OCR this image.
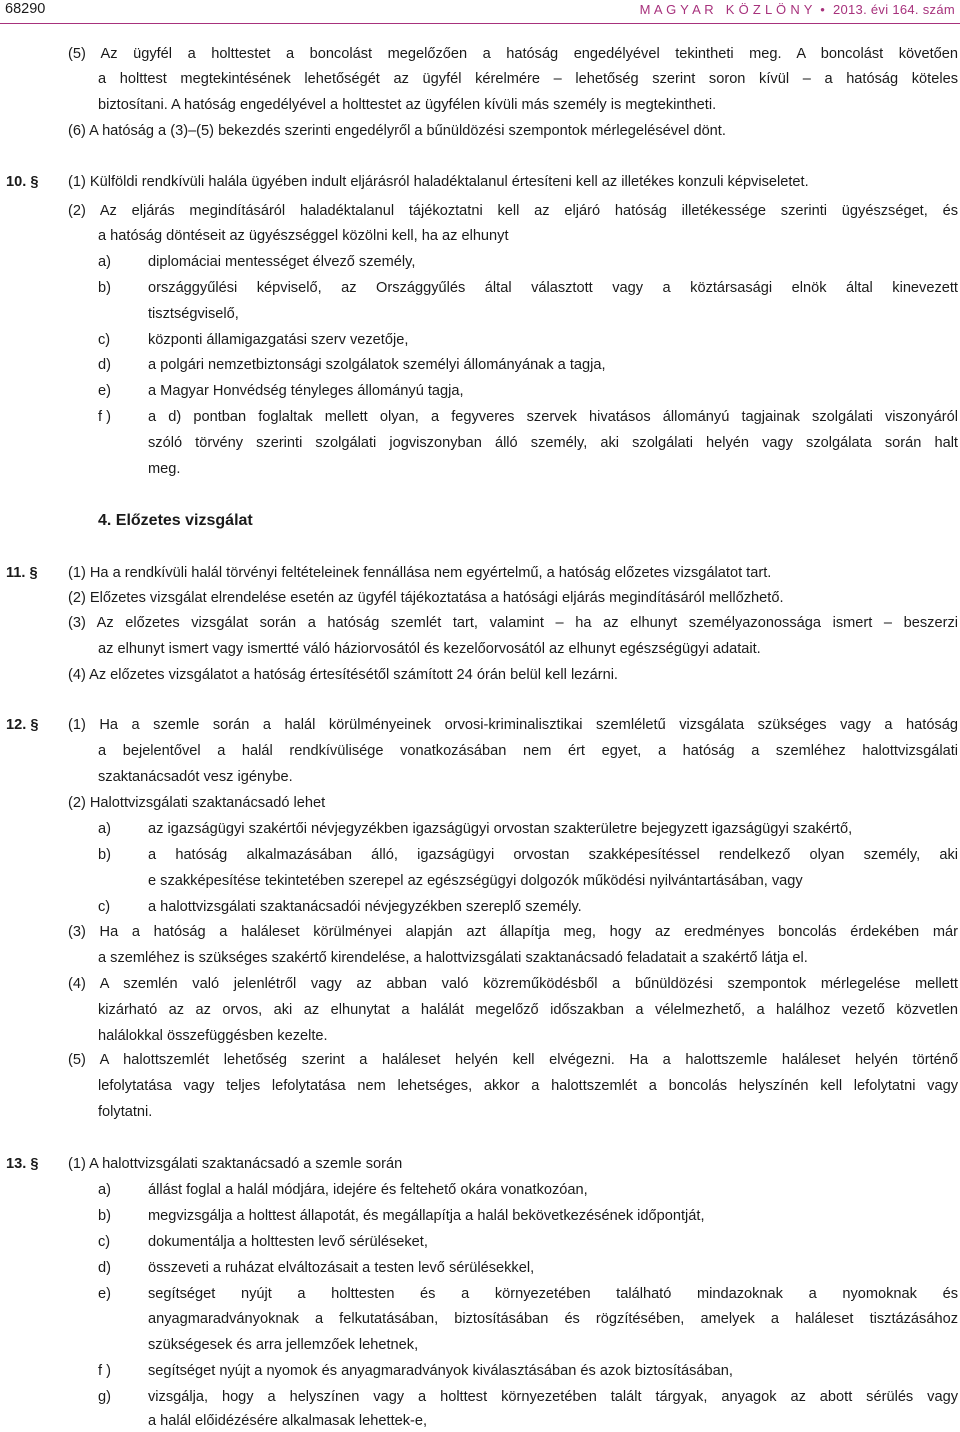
68290	M A G Y A R   K Ö Z L Ö N Y • 2013. évi 164. szám
(5) Az ügyfél a holttestet a boncolást megelőzően a hatóság engedélyével tekintheti meg. A boncolást követően
a holttest megtekintésének lehetőségét az ügyfél kérelmére – lehetőség szerint soron kívül – a hatóság köteles
biztosítani. A hatóság engedélyével a holttestet az ügyfélen kívüli más személy is megtekintheti.
(6) A hatóság a (3)–(5) bekezdés szerinti engedélyről a bűnüldözési szempontok mérlegelésével dönt.
10. § (1) Külföldi rendkívüli halála ügyében indult eljárásról haladéktalanul értesíteni kell az illetékes konzuli képviseletet.
(2) Az eljárás megindításáról haladéktalanul tájékoztatni kell az eljáró hatóság illetékessége szerinti ügyészséget, és
a hatóság döntéseit az ügyészséggel közölni kell, ha az elhunyt
a)	diplomáciai mentességet élvező személy,
b)	országgyűlési képviselő, az Országgyűlés által választott vagy a köztársasági elnök által kinevezett
tisztségviselő,
c)	központi államigazgatási szerv vezetője,
d)	a polgári nemzetbiztonsági szolgálatok személyi állományának a tagja,
e)	a Magyar Honvédség tényleges állományú tagja,
f )	a d) pontban foglaltak mellett olyan, a fegyveres szervek hivatásos állományú tagjainak szolgálati viszonyáról
szóló törvény szerinti szolgálati jogviszonyban álló személy, aki szolgálati helyén vagy szolgálata során halt
meg.
4. Előzetes vizsgálat
11. § (1) Ha a rendkívüli halál törvényi feltételeinek fennállása nem egyértelmű, a hatóság előzetes vizsgálatot tart.
(2) Előzetes vizsgálat elrendelése esetén az ügyfél tájékoztatása a hatósági eljárás megindításáról mellőzhető.
(3) Az előzetes vizsgálat során a hatóság szemlét tart, valamint – ha az elhunyt személyazonossága ismert – beszerzi
az elhunyt ismert vagy ismertté váló háziorvosától és kezelőorvosától az elhunyt egészségügyi adatait.
(4) Az előzetes vizsgálatot a hatóság értesítésétől számított 24 órán belül kell lezárni.
12. § (1) Ha a szemle során a halál körülményeinek orvosi-kriminalisztikai szemléletű vizsgálata szükséges vagy a hatóság
a bejelentővel a halál rendkívülisége vonatkozásában nem ért egyet, a hatóság a szemléhez halottvizsgálati
szaktanácsadót vesz igénybe.
(2) Halottvizsgálati szaktanácsadó lehet
a)	az igazságügyi szakértői névjegyzékben igazságügyi orvostan szakterületre bejegyzett igazságügyi szakértő,
b)	a hatóság alkalmazásában álló, igazságügyi orvostan szakképesítéssel rendelkező olyan személy, aki
e szakképesítése tekintetében szerepel az egészségügyi dolgozók működési nyilvántartásában, vagy
c)	a halottvizsgálati szaktanácsadói névjegyzékben szereplő személy.
(3) Ha a hatóság a haláleset körülményei alapján azt állapítja meg, hogy az eredményes boncolás érdekében már
a szemléhez is szükséges szakértő kirendelése, a halottvizsgálati szaktanácsadó feladatait a szakértő látja el.
(4) A szemlén való jelenlétről vagy az abban való közreműködésből a bűnüldözési szempontok mérlegelése mellett
kizárható az az orvos, aki az elhunytat a halálát megelőző időszakban a vélelmezhető, a halálhoz vezető közvetlen
halálokkal összefüggésben kezelte.
(5) A halottszemlét lehetőség szerint a haláleset helyén kell elvégezni. Ha a halottszemle haláleset helyén történő
lefolytatása vagy teljes lefolytatása nem lehetséges, akkor a halottszemlét a boncolás helyszínén kell lefolytatni vagy
folytatni.
13. § (1) A halottvizsgálati szaktanácsadó a szemle során
a)	állást foglal a halál módjára, idejére és feltehető okára vonatkozóan,
b)	megvizsgálja a holttest állapotát, és megállapítja a halál bekövetkezésének időpontját,
c)	dokumentálja a holttesten levő sérüléseket,
d)	összeveti a ruházat elváltozásait a testen levő sérülésekkel,
e)	segítséget nyújt a holttesten és a környezetében található mindazoknak a nyomoknak és
anyagmaradványoknak a felkutatásában, biztosításában és rögzítésében, amelyek a haláleset tisztázásához
szükségesek és arra jellemzőek lehetnek,
f )	segítséget nyújt a nyomok és anyagmaradványok kiválasztásában és azok biztosításában,
g)	vizsgálja, hogy a helyszínen vagy a holttest környezetében talált tárgyak, anyagok az abott sérülés vagy
a halál előidézésére alkalmasak lehettek-e,
